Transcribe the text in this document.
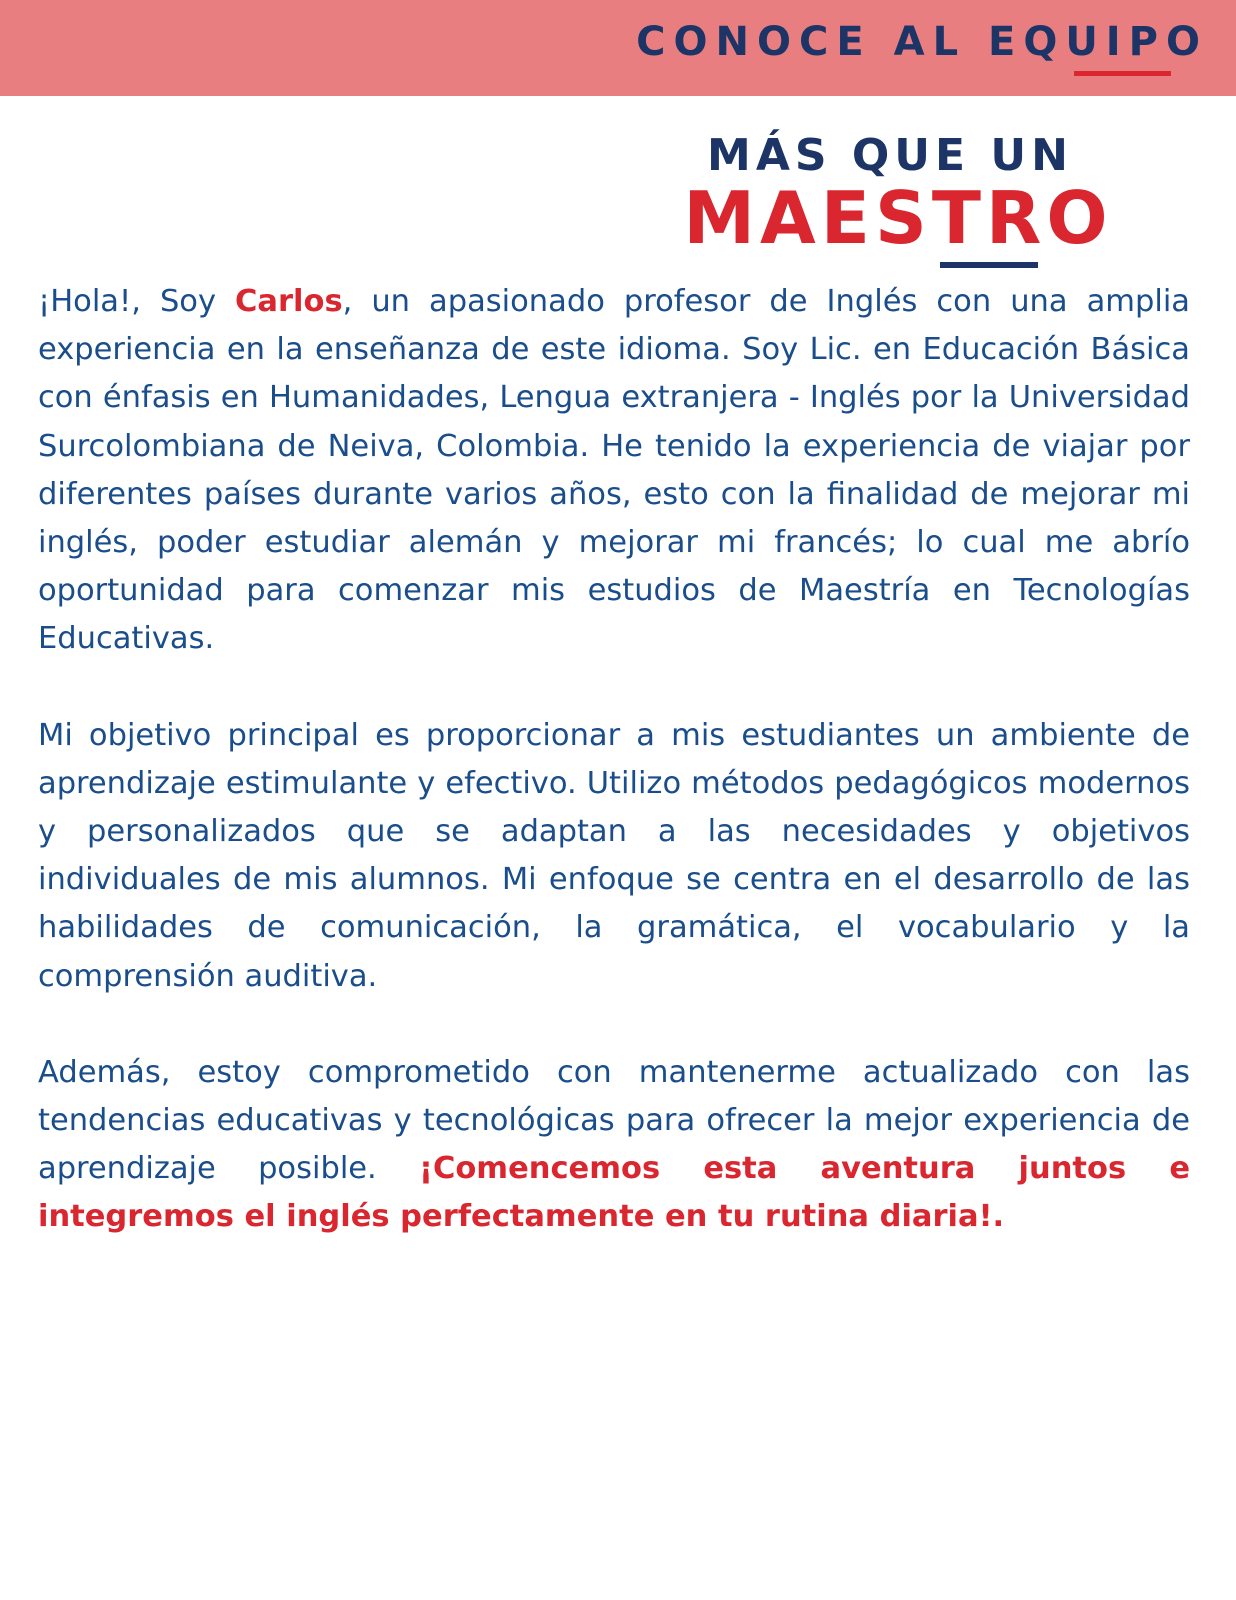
CONOCE AL EQUIPO
MÁS QUE UN
MAESTRO

¡Hola!, Soy Carlos, un apasionado profesor de Inglés con una amplia experiencia en la enseñanza de este idioma. Soy Lic. en Educación Básica con énfasis en Humanidades, Lengua extranjera - Inglés por la Universidad Surcolombiana de Neiva, Colombia. He tenido la experiencia de viajar por diferentes países durante varios años, esto con la finalidad de mejorar mi inglés, poder estudiar alemán y mejorar mi francés; lo cual me abrío oportunidad para comenzar mis estudios de Maestría en Tecnologías Educativas.

Mi objetivo principal es proporcionar a mis estudiantes un ambiente de aprendizaje estimulante y efectivo. Utilizo métodos pedagógicos modernos y personalizados que se adaptan a las necesidades y objetivos individuales de mis alumnos. Mi enfoque se centra en el desarrollo de las habilidades de comunicación, la gramática, el vocabulario y la comprensión auditiva.

Además, estoy comprometido con mantenerme actualizado con las tendencias educativas y tecnológicas para ofrecer la mejor experiencia de aprendizaje posible. ¡Comencemos esta aventura juntos e integremos el inglés perfectamente en tu rutina diaria!.
